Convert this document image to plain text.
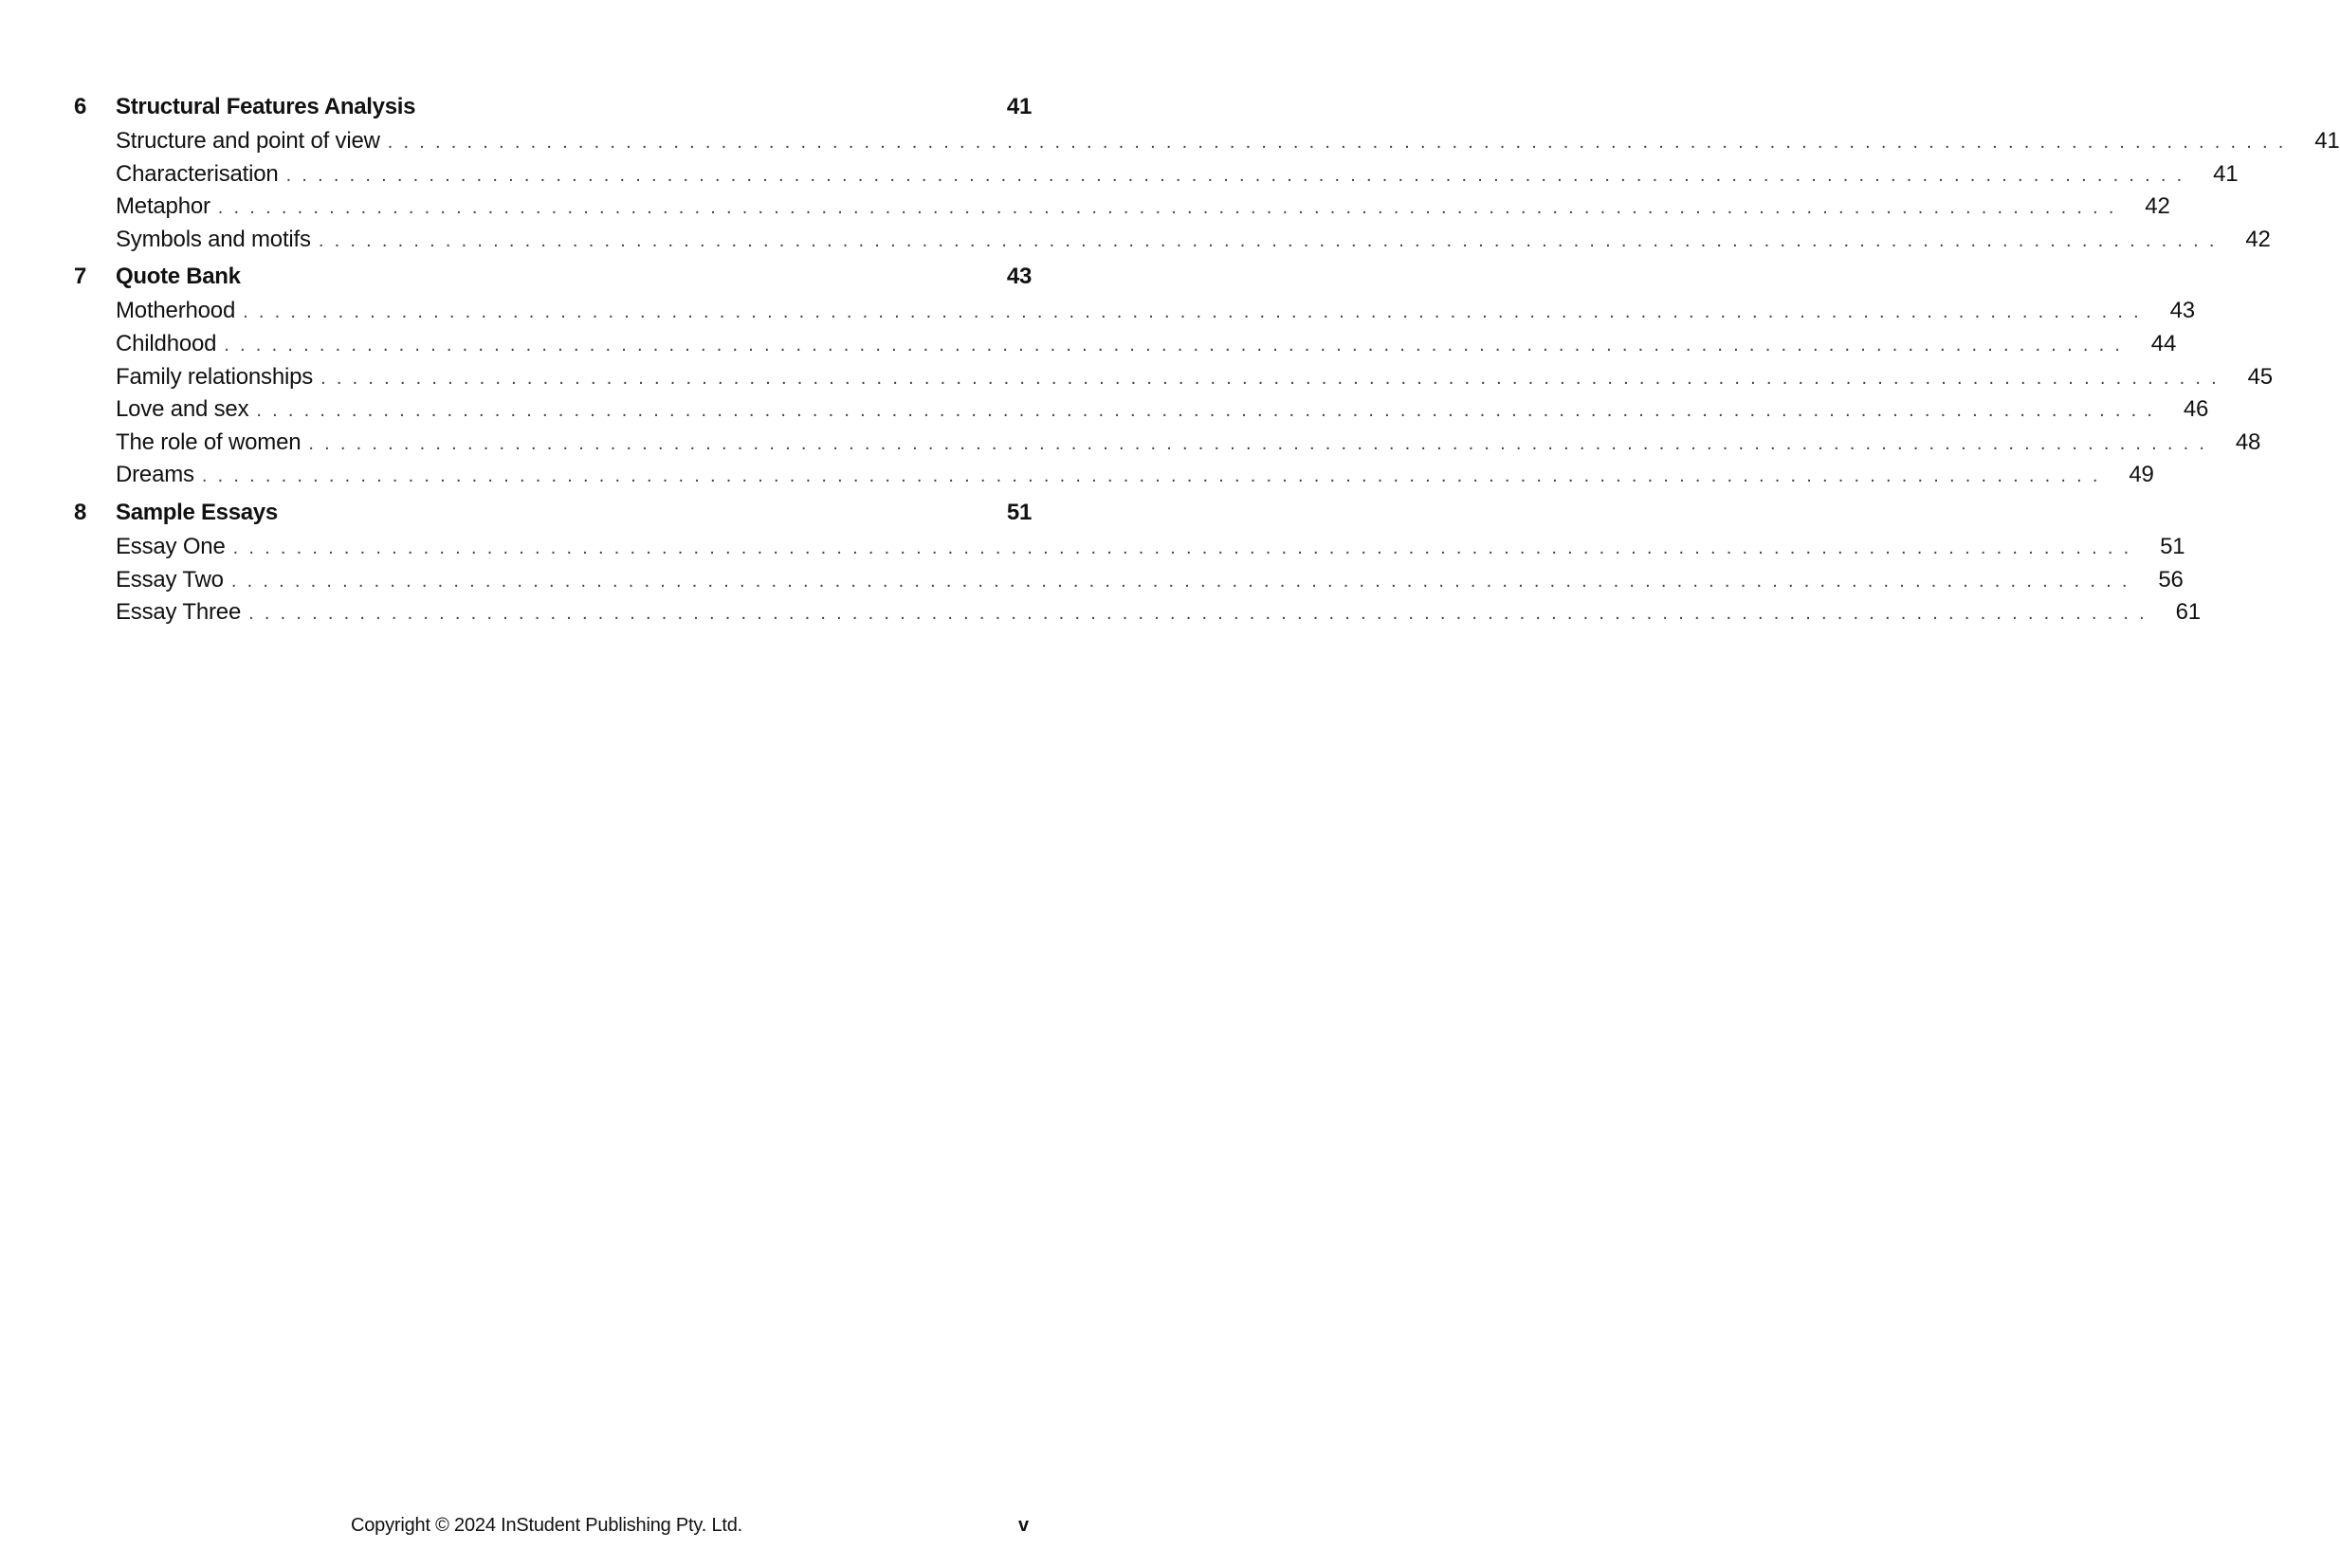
6	Structural Features Analysis	41
Structure and point of view ........................................................................................................................ 41
Characterisation ........................................................................................................................ 41
Metaphor ........................................................................................................................ 42
Symbols and motifs ........................................................................................................................ 42
7	Quote Bank	43
Motherhood ........................................................................................................................ 43
Childhood ........................................................................................................................ 44
Family relationships ........................................................................................................................ 45
Love and sex ........................................................................................................................ 46
The role of women ........................................................................................................................ 48
Dreams ........................................................................................................................ 49
8	Sample Essays	51
Essay One ........................................................................................................................ 51
Essay Two ........................................................................................................................ 56
Essay Three ........................................................................................................................ 61
Copyright © 2024 InStudent Publishing Pty. Ltd.	v
